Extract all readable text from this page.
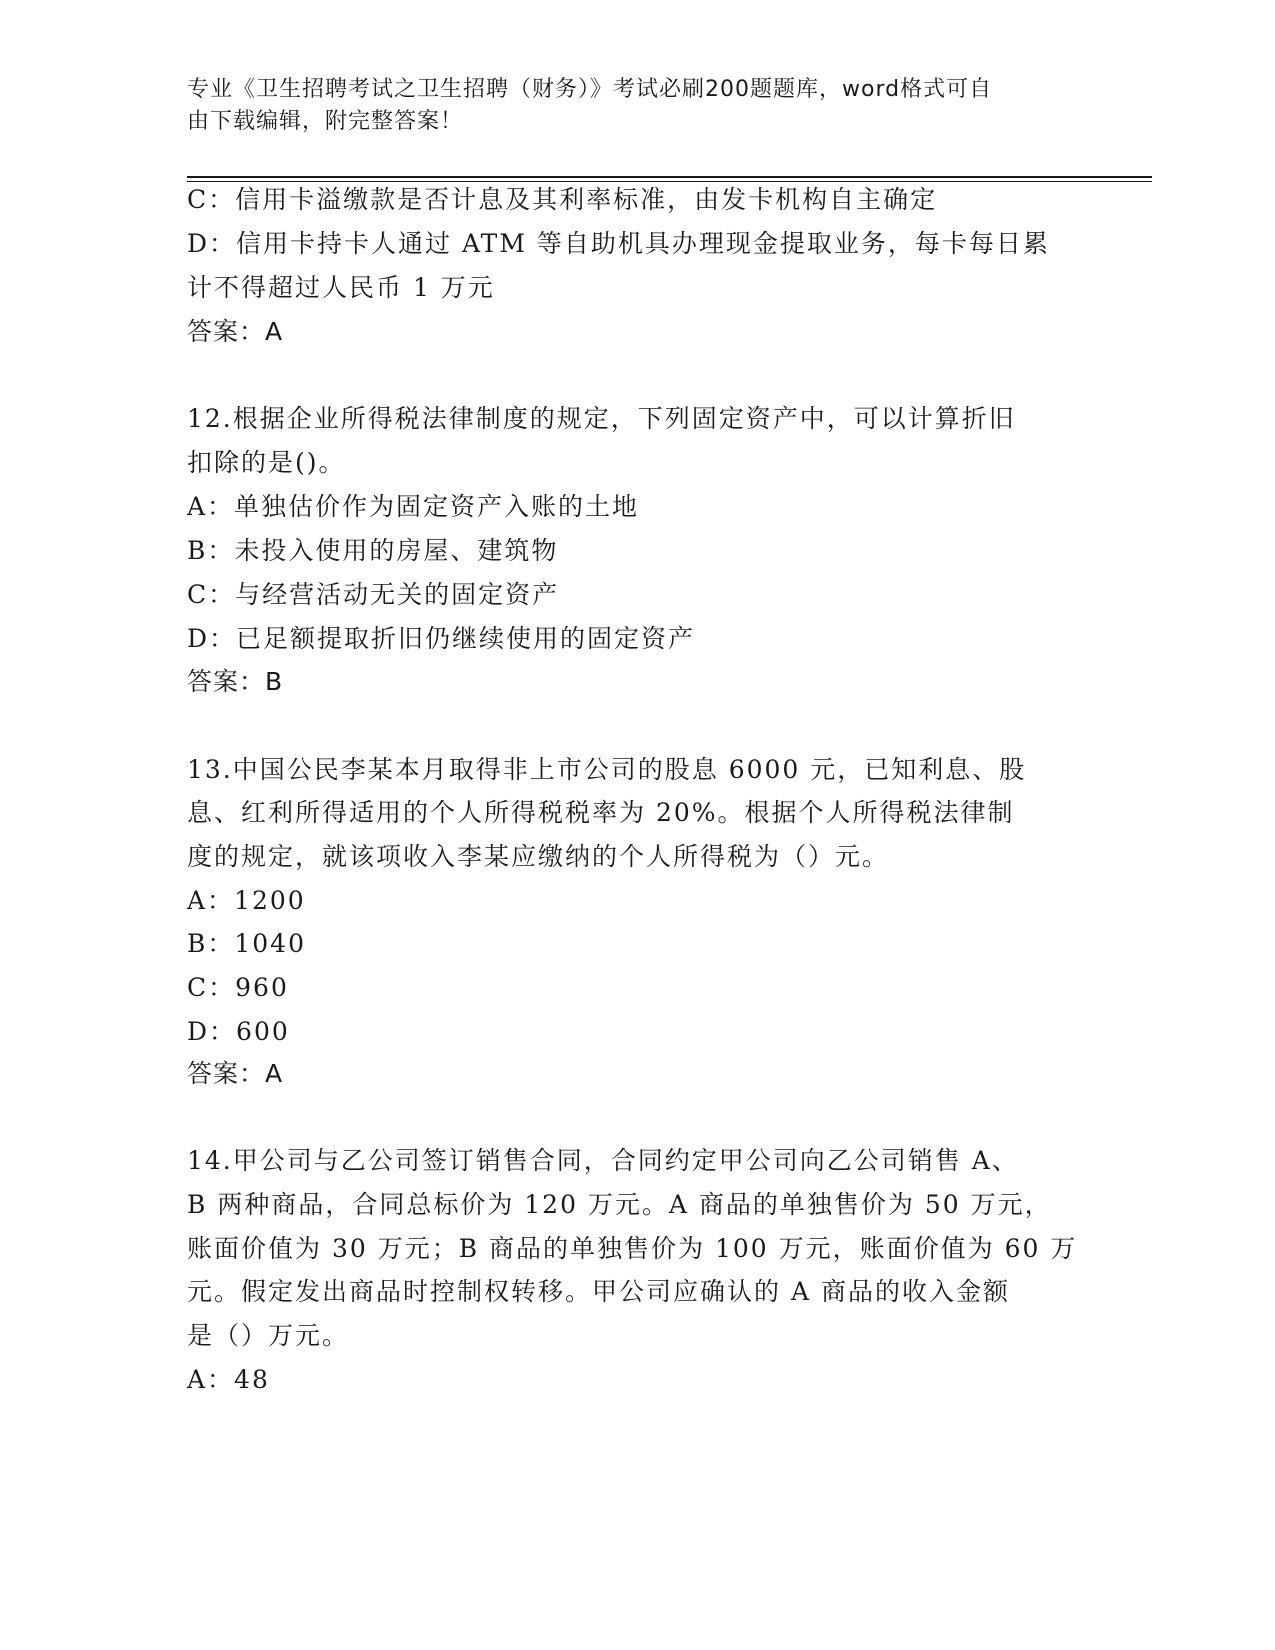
专业《卫生招聘考试之卫生招聘（财务）》考试必刷200题题库，word格式可自
由下载编辑，附完整答案！
C：信用卡溢缴款是否计息及其利率标准，由发卡机构自主确定
D：信用卡持卡人通过 ATM 等自助机具办理现金提取业务，每卡每日累
计不得超过人民币 1 万元
答案：A
12.根据企业所得税法律制度的规定，下列固定资产中，可以计算折旧
扣除的是()。
A：单独估价作为固定资产入账的土地
B：未投入使用的房屋、建筑物
C：与经营活动无关的固定资产
D：已足额提取折旧仍继续使用的固定资产
答案：B
13.中国公民李某本月取得非上市公司的股息 6000 元，已知利息、股
息、红利所得适用的个人所得税税率为 20%。根据个人所得税法律制
度的规定，就该项收入李某应缴纳的个人所得税为（）元。
A：1200
B：1040
C：960
D：600
答案：A
14.甲公司与乙公司签订销售合同，合同约定甲公司向乙公司销售 A、
B 两种商品，合同总标价为 120 万元。A 商品的单独售价为 50 万元，
账面价值为 30 万元；B 商品的单独售价为 100 万元，账面价值为 60 万
元。假定发出商品时控制权转移。甲公司应确认的 A 商品的收入金额
是（）万元。
A：48
